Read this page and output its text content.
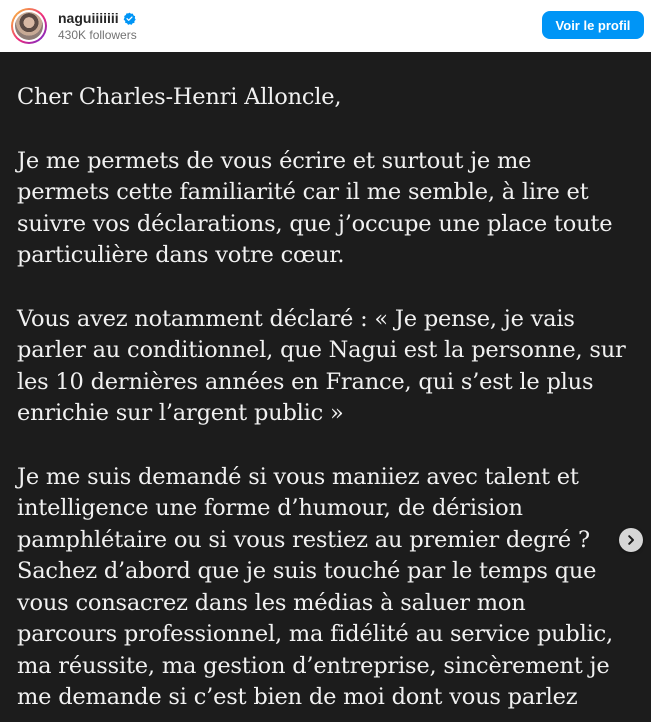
naguiiiiiii
430K followers
Voir le profil

Cher Charles-Henri Alloncle,

Je me permets de vous écrire et surtout je me

permets cette familiarité car il me semble, à lire et

suivre vos déclarations, que j’occupe une place toute

particulière dans votre cœur.

Vous avez notamment déclaré : « Je pense, je vais

parler au conditionnel, que Nagui est la personne, sur

les 10 dernières années en France, qui s’est le plus

enrichie sur l’argent public »

Je me suis demandé si vous maniiez avec talent et

intelligence une forme d’humour, de dérision

pamphlétaire ou si vous restiez au premier degré ?

Sachez d’abord que je suis touché par le temps que

vous consacrez dans les médias à saluer mon

parcours professionnel, ma fidélité au service public,

ma réussite, ma gestion d’entreprise, sincèrement je

me demande si c’est bien de moi dont vous parlez
